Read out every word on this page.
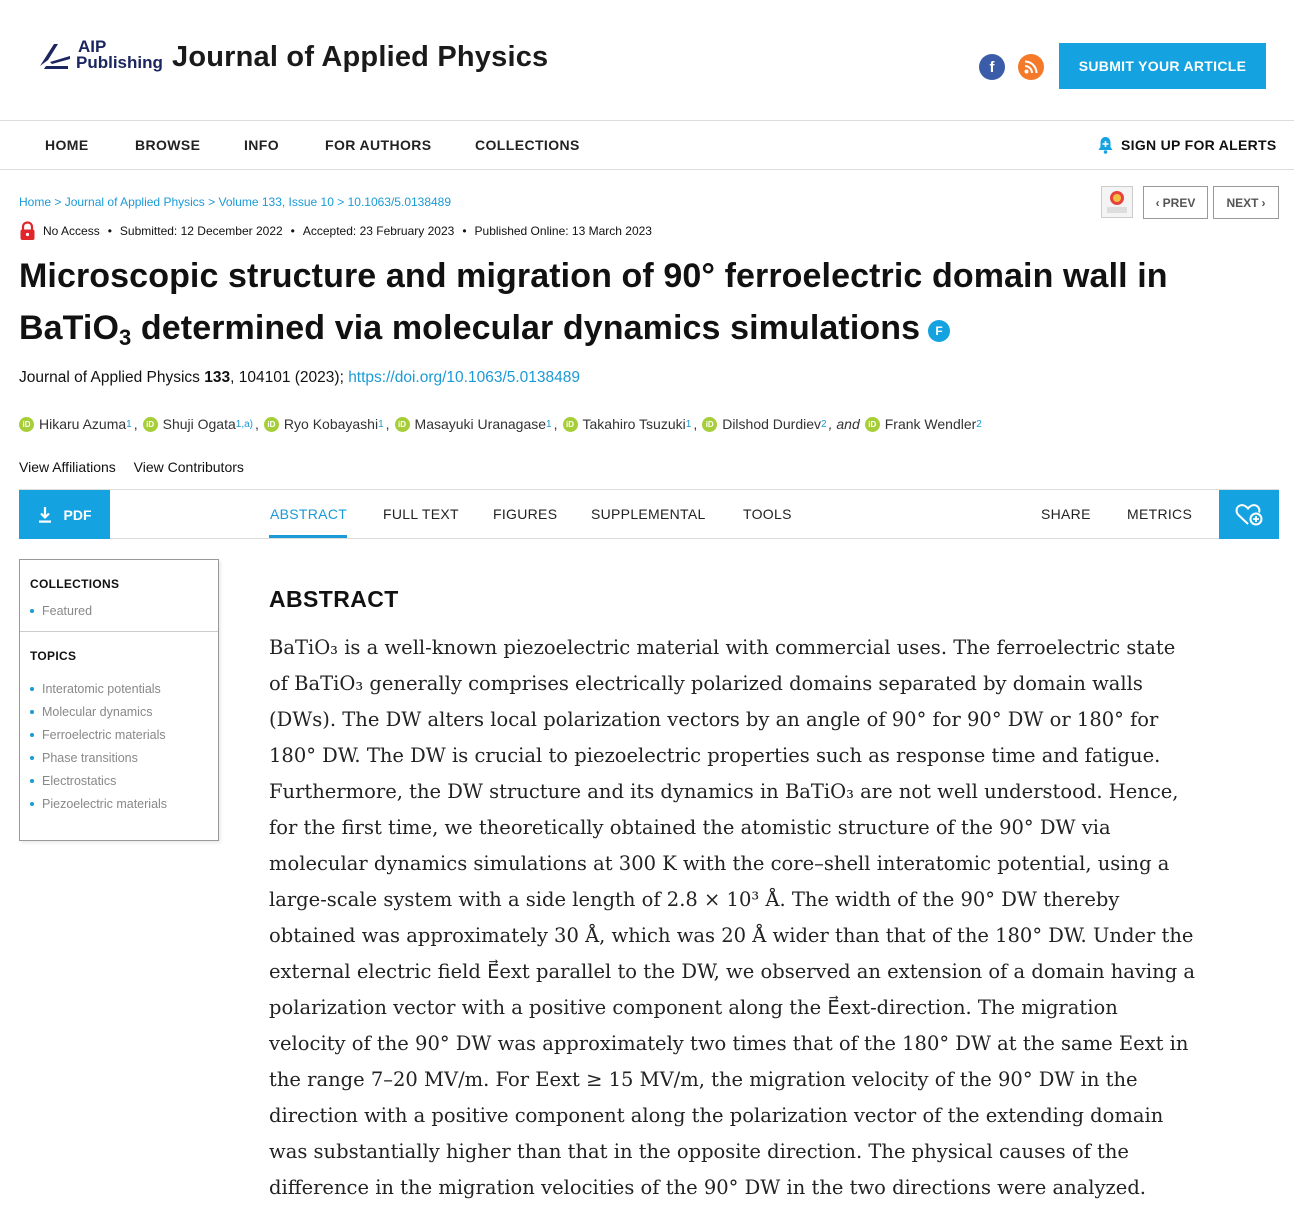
AIP
Publishing Journal of Applied Physics	f	SUBMIT YOUR ARTICLE
HOME	BROWSE	INFO	FOR AUTHORS	COLLECTIONS	SIGN UP FOR ALERTS
Home > Journal of Applied Physics > Volume 133, Issue 10 > 10.1063/5.0138489	‹ PREV	NEXT ›
No Access • Submitted: 12 December 2022 • Accepted: 23 February 2023 • Published Online: 13 March 2023
Microscopic structure and migration of 90° ferroelectric domain wall in BaTiO$_3$ determined via molecular dynamics simulations F
Journal of Applied Physics 133, 104101 (2023); https://doi.org/10.1063/5.0138489
iD Hikaru Azuma 1 ,	iD Shuji Ogata 1,a) ,	iD Ryo Kobayashi 1 ,	iD Masayuki Uranagase 1 ,	iD Takahiro Tsuzuki 1 ,	iD Dilshod Durdiev 2 , and	iD Frank Wendler 2
View Affiliations View Contributors
PDF	ABSTRACT	FULL TEXT FIGURES SUPPLEMENTAL	TOOLS	SHARE	METRICS
COLLECTIONS
Featured
TOPICS
Interatomic potentials
Molecular dynamics
Ferroelectric materials
Phase transitions
Electrostatics
Piezoelectric materials
ABSTRACT
BaTiO₃ is a well-known piezoelectric material with commercial uses. The ferroelectric state
of BaTiO₃ generally comprises electrically polarized domains separated by domain walls
(DWs). The DW alters local polarization vectors by an angle of 90° for 90° DW or 180° for
180° DW. The DW is crucial to piezoelectric properties such as response time and fatigue.
Furthermore, the DW structure and its dynamics in BaTiO₃ are not well understood. Hence,
for the first time, we theoretically obtained the atomistic structure of the 90° DW via
molecular dynamics simulations at 300 K with the core–shell interatomic potential, using a
large-scale system with a side length of 2.8 × 10³ Å. The width of the 90° DW thereby
obtained was approximately 30 Å, which was 20 Å wider than that of the 180° DW. Under the
external electric field E⃗ext parallel to the DW, we observed an extension of a domain having a
polarization vector with a positive component along the E⃗ext-direction. The migration
velocity of the 90° DW was approximately two times that of the 180° DW at the same Eext in
the range 7–20 MV/m. For Eext ≥ 15 MV/m, the migration velocity of the 90° DW in the
direction with a positive component along the polarization vector of the extending domain
was substantially higher than that in the opposite direction. The physical causes of the
difference in the migration velocities of the 90° DW in the two directions were analyzed.
